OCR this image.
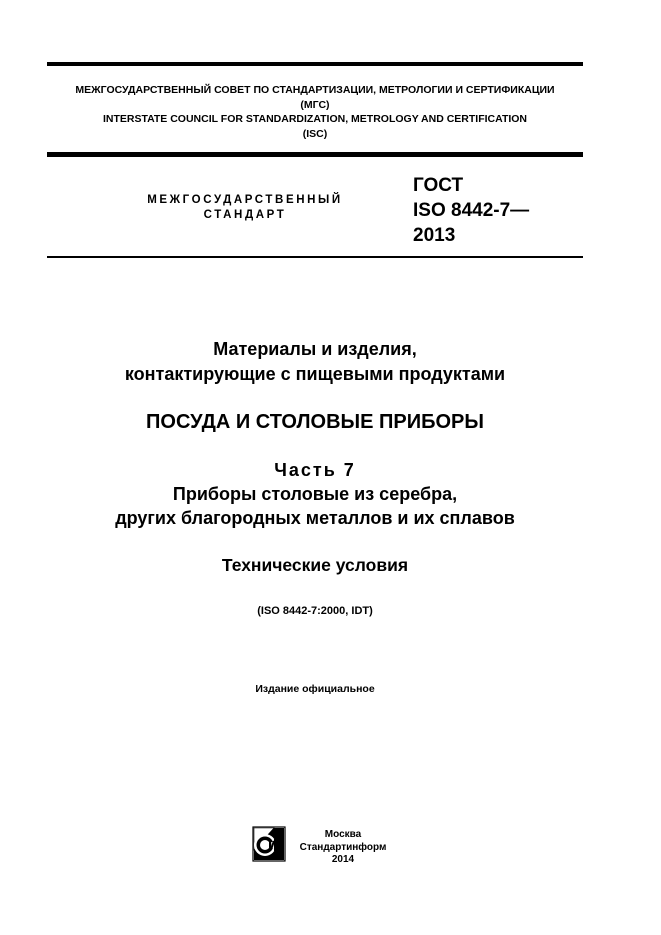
МЕЖГОСУДАРСТВЕННЫЙ СОВЕТ ПО СТАНДАРТИЗАЦИИ, МЕТРОЛОГИИ И СЕРТИФИКАЦИИ
(МГС)
INTERSTATE COUNCIL FOR STANDARDIZATION, METROLOGY AND CERTIFICATION
(ISC)
МЕЖГОСУДАРСТВЕННЫЙ
СТАНДАРТ
ГОСТ
ISO 8442-7—
2013
Материалы и изделия,
контактирующие с пищевыми продуктами
ПОСУДА И СТОЛОВЫЕ ПРИБОРЫ
Часть 7
Приборы столовые из серебра,
других благородных металлов и их сплавов
Технические условия
(ISO 8442-7:2000, IDT)
Издание официальное
Москва
Стандартинформ
2014
